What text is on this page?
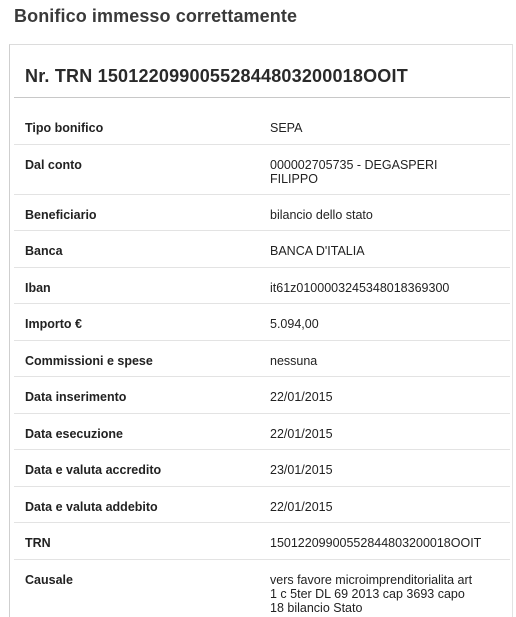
Bonifico immesso correttamente
Nr. TRN 15012209900552844803200018OOIT
Tipo bonifico	SEPA
Dal conto	000002705735 - DEGASPERI FILIPPO
Beneficiario	bilancio dello stato
Banca	BANCA D'ITALIA
Iban	it61z0100003245348018369300
Importo €	5.094,00
Commissioni e spese	nessuna
Data inserimento	22/01/2015
Data esecuzione	22/01/2015
Data e valuta accredito	23/01/2015
Data e valuta addebito	22/01/2015
TRN	15012209900552844803200018OOIT
Causale	vers favore microimprenditorialita art 1 c 5ter DL 69 2013 cap 3693 capo 18 bilancio Stato
